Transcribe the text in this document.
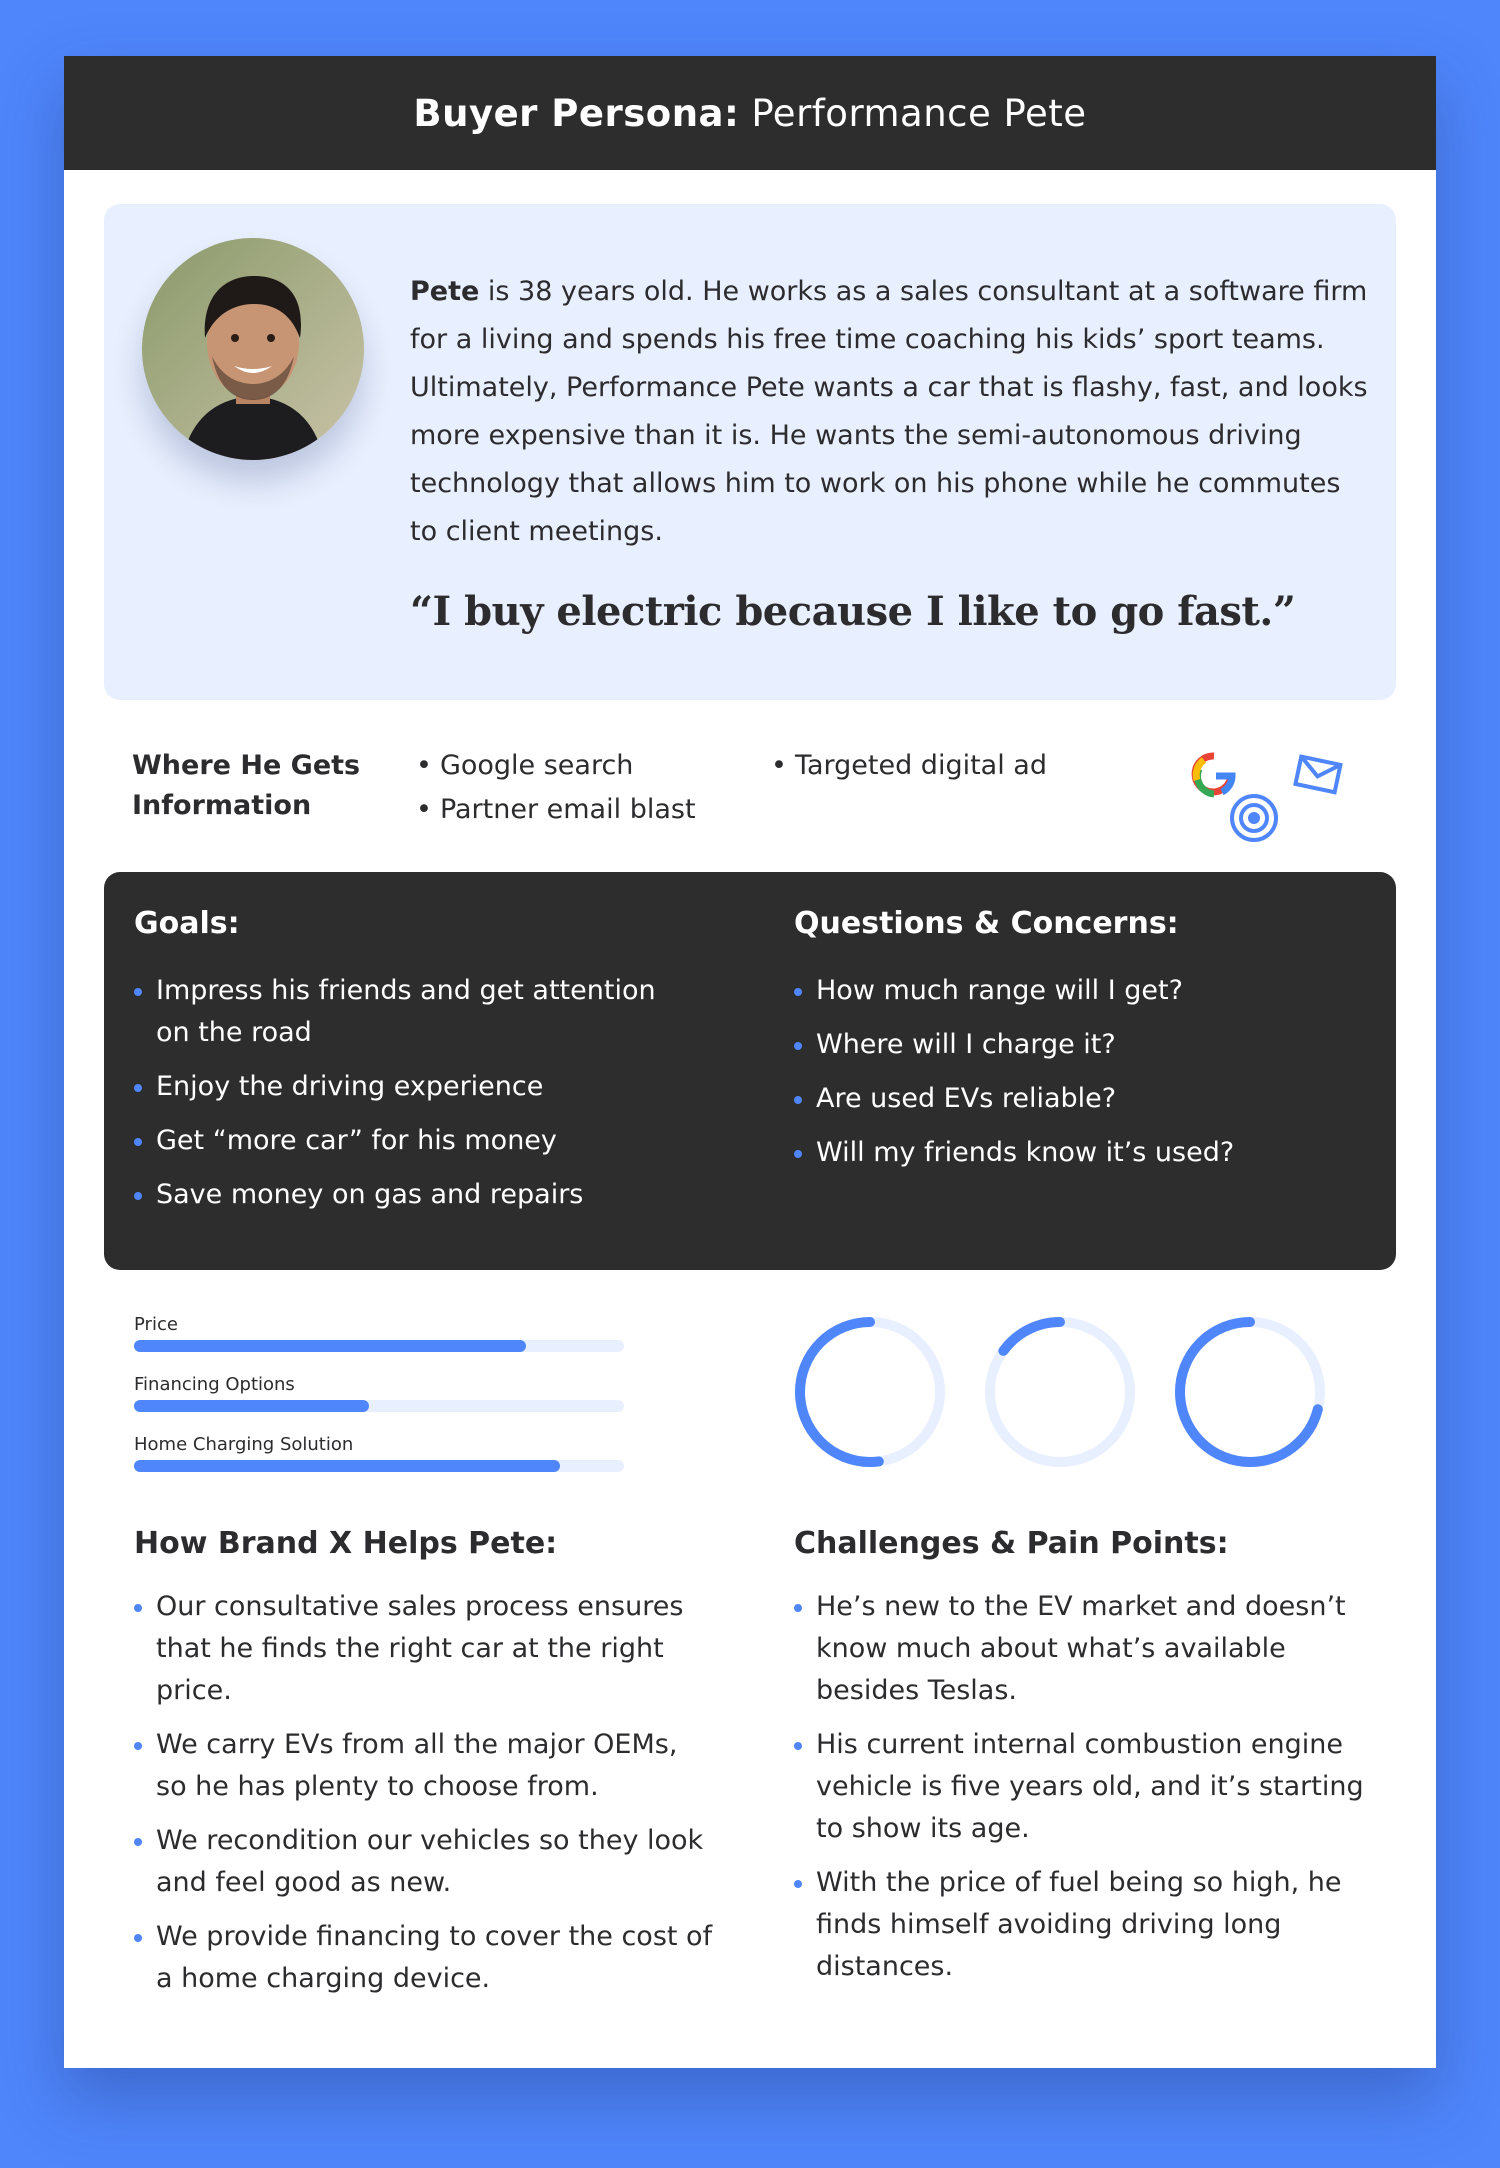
Buyer Persona: Performance Pete
Pete is 38 years old. He works as a sales consultant at a software firm for a living and spends his free time coaching his kids’ sport teams. Ultimately, Performance Pete wants a car that is flashy, fast, and looks more expensive than it is. He wants the semi-autonomous driving technology that allows him to work on his phone while he commutes to client meetings.
“I buy electric because I like to go fast.”
Where He Gets Information
• Google search
• Partner email blast
• Targeted digital ad
Goals:
Impress his friends and get attention on the road
Enjoy the driving experience
Get “more car” for his money
Save money on gas and repairs
Questions & Concerns:
How much range will I get?
Where will I charge it?
Are used EVs reliable?
Will my friends know it’s used?
Price
Financing Options
Home Charging Solution
How Brand X Helps Pete:
Our consultative sales process ensures that he finds the right car at the right price.
We carry EVs from all the major OEMs, so he has plenty to choose from.
We recondition our vehicles so they look and feel good as new.
We provide financing to cover the cost of a home charging device.
Challenges & Pain Points:
He’s new to the EV market and doesn’t know much about what’s available besides Teslas.
His current internal combustion engine vehicle is five years old, and it’s starting to show its age.
With the price of fuel being so high, he finds himself avoiding driving long distances.
